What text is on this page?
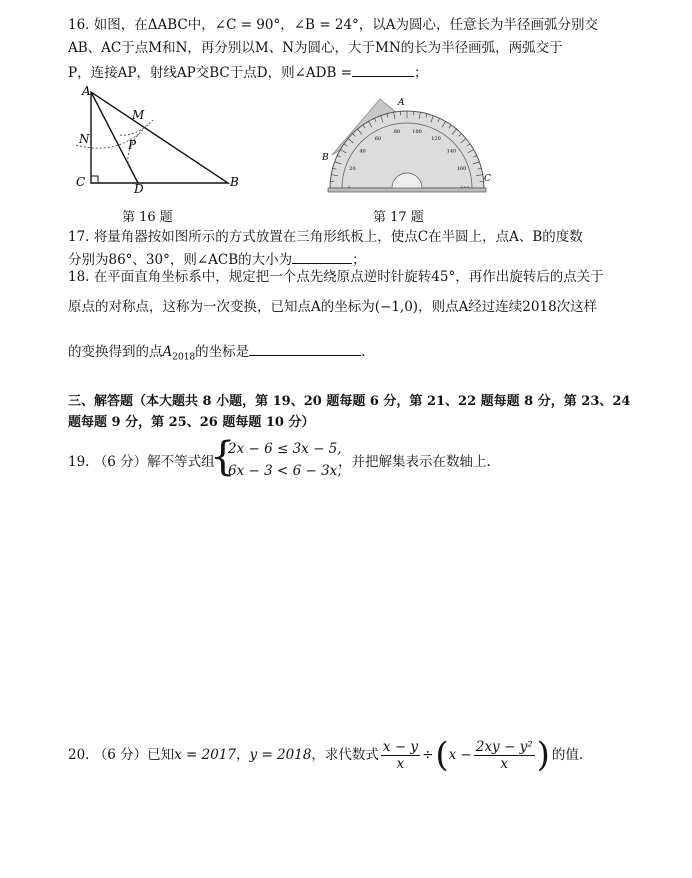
16. 如图，在ΔABC中，∠C = 90°，∠B = 24°，以A为圆心，任意长为半径画弧分别交
AB、AC于点M和N，再分别以M、N为圆心，大于MN的长为半径画弧，两弧交于
P，连接AP，射线AP交BC于点D，则∠ADB =	；
A
M
N	P
C	D	B
20
40
60
80 100
120
140
160
A
B
C
第 16 题	第 17 题
17. 将量角器按如图所示的方式放置在三角形纸板上，使点C在半圆上，点A、B的度数
分别为86°、30°，则∠ACB的大小为	；
18. 在平面直角坐标系中，规定把一个点先绕原点逆时针旋转45°，再作出旋转后的点关于
原点的对称点，这称为一次变换，已知点A的坐标为(−1,0)，则点A经过连续2018次这样
的变换得到的点$A_{2018}$的坐标是	.
三、解答题（本大题共 8 小题，第 19、20 题每题 6 分，第 21、22 题每题 8 分，第 23、24
题每题 9 分，第 25、26 题每题 10 分）
19. （6 分）解不等式组
{
2x − 6 ≤ 3x − 5,
6x − 3 < 6 − 3x,
，并把解集表示在数轴上.
20. （6 分）已知 x = 2017 ， y = 2018 ，求代数式 $\frac{x - y}{x}$ ÷ ( $x - \frac{\text{2xy − y²}}{x}$ ) 的值.
